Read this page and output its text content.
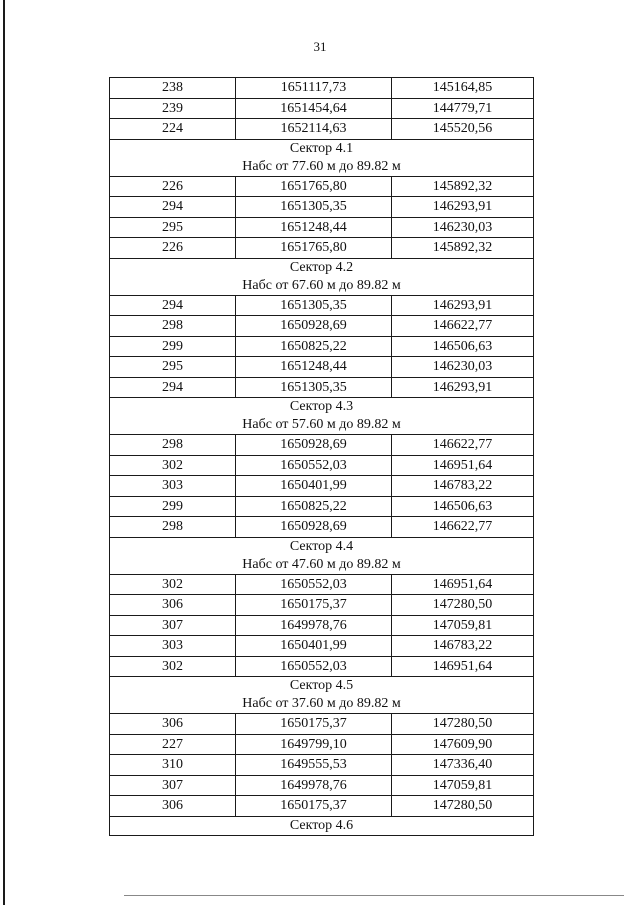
31
238	1651117,73	145164,85
239	1651454,64	144779,71
224	1652114,63	145520,56

Сектор 4.1
Набс от 77.60 м до 89.82 м		

226	1651765,80	145892,32
294	1651305,35	146293,91
295	1651248,44	146230,03
226	1651765,80	145892,32

Сектор 4.2
Набс от 67.60 м до 89.82 м		

294	1651305,35	146293,91
298	1650928,69	146622,77
299	1650825,22	146506,63
295	1651248,44	146230,03
294	1651305,35	146293,91

Сектор 4.3
Набс от 57.60 м до 89.82 м		

298	1650928,69	146622,77
302	1650552,03	146951,64
303	1650401,99	146783,22
299	1650825,22	146506,63
298	1650928,69	146622,77

Сектор 4.4
Набс от 47.60 м до 89.82 м		

302	1650552,03	146951,64
306	1650175,37	147280,50
307	1649978,76	147059,81
303	1650401,99	146783,22
302	1650552,03	146951,64

Сектор 4.5
Набс от 37.60 м до 89.82 м		

306	1650175,37	147280,50
227	1649799,10	147609,90
310	1649555,53	147336,40
307	1649978,76	147059,81
306	1650175,37	147280,50

Сектор 4.6		
